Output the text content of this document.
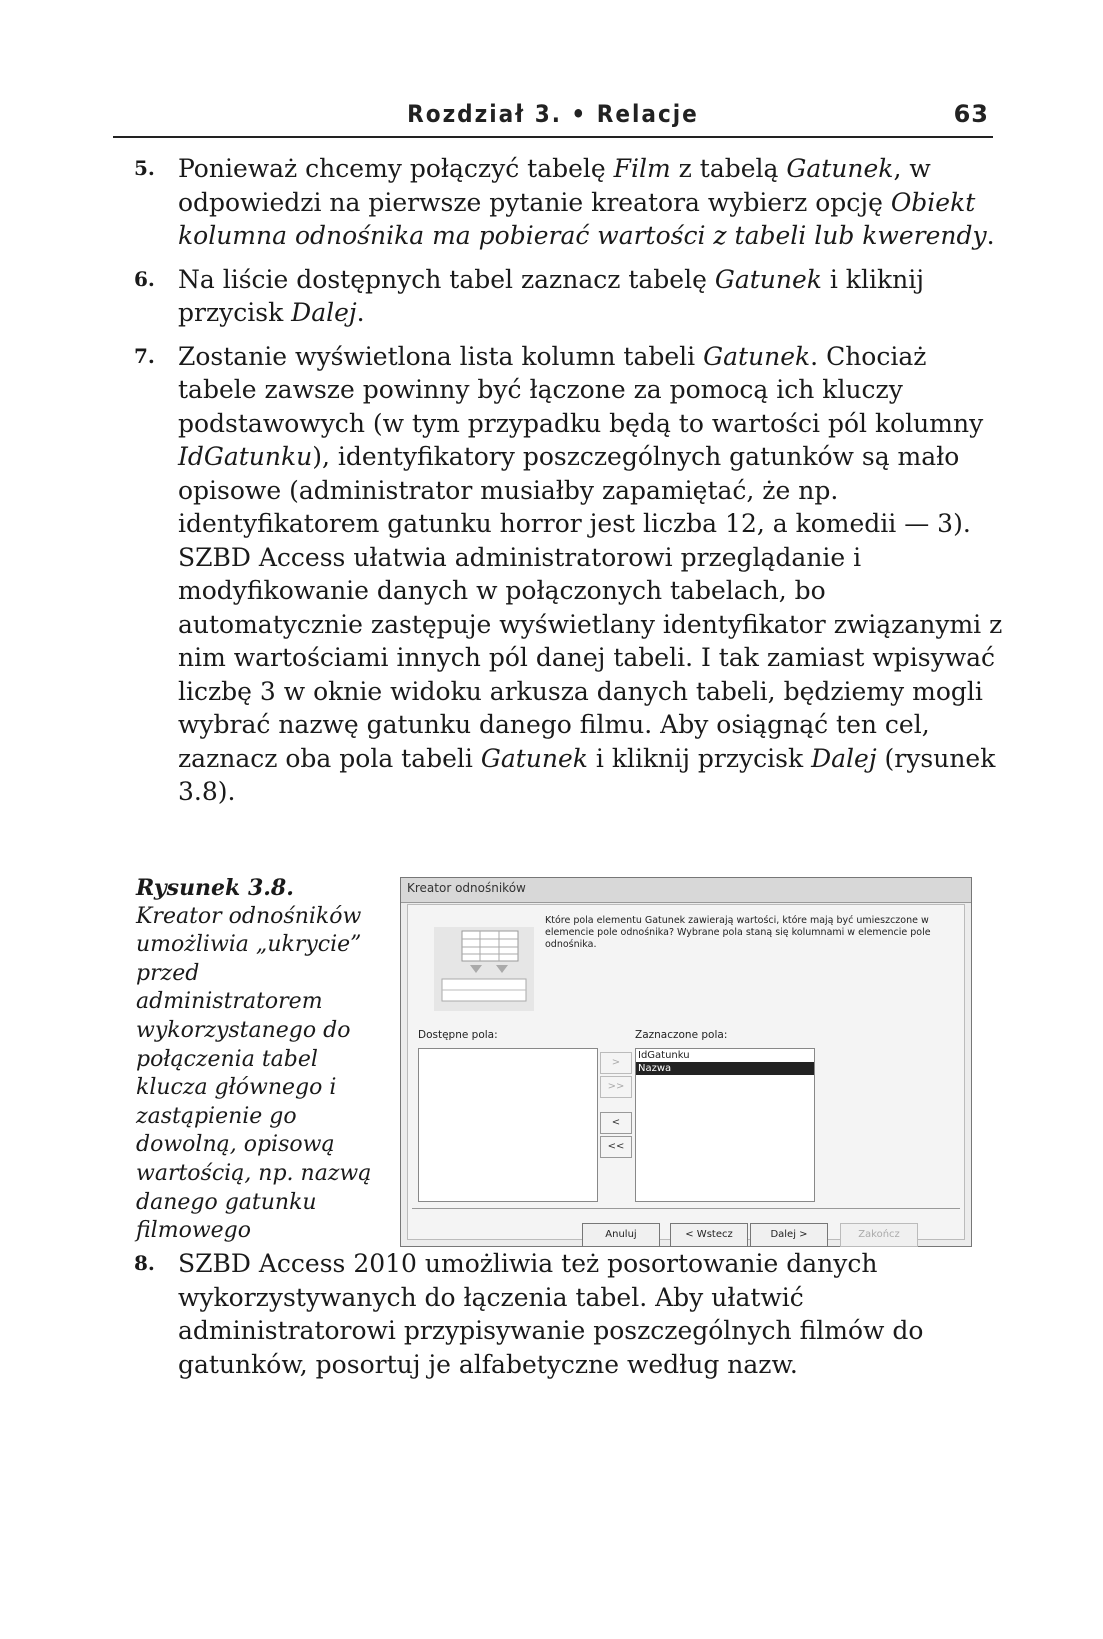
Rozdział 3. • Relacje	63
5. Ponieważ chcemy połączyć tabelę Film z tabelą Gatunek, w odpowiedzi na pierwsze pytanie kreatora wybierz opcję Obiekt kolumna odnośnika ma pobierać wartości z tabeli lub kwerendy.
6. Na liście dostępnych tabel zaznacz tabelę Gatunek i kliknij przycisk Dalej.
7. Zostanie wyświetlona lista kolumn tabeli Gatunek. Chociaż tabele zawsze powinny być łączone za pomocą ich kluczy podstawowych (w tym przypadku będą to wartości pól kolumny IdGatunku), identyfikatory poszczególnych gatunków są mało opisowe (administrator musiałby zapamiętać, że np. identyfikatorem gatunku horror jest liczba 12, a komedii — 3). SZBD Access ułatwia administratorowi przeglądanie i modyfikowanie danych w połączonych tabelach, bo automatycznie zastępuje wyświetlany identyfikator związanymi z nim wartościami innych pól danej tabeli. I tak zamiast wpisywać liczbę 3 w oknie widoku arkusza danych tabeli, będziemy mogli wybrać nazwę gatunku danego filmu. Aby osiągnąć ten cel, zaznacz oba pola tabeli Gatunek i kliknij przycisk Dalej (rysunek 3.8).
Rysunek 3.8.
Kreator odnośników umożliwia „ukrycie” przed administratorem wykorzystanego do połączenia tabel klucza głównego i zastąpienie go dowolną, opisową wartością, np. nazwą danego gatunku filmowego
Kreator odnośników
Które pola elementu Gatunek zawierają wartości, które mają być umieszczone w elemencie pole odnośnika? Wybrane pola staną się kolumnami w elemencie pole odnośnika.
Dostępne pola:
>
>>
<
<<
Zaznaczone pola:
IdGatunku
Nazwa
Anuluj	< Wstecz	Dalej >	Zakończ
8. SZBD Access 2010 umożliwia też posortowanie danych wykorzystywanych do łączenia tabel. Aby ułatwić administratorowi przypisywanie poszczególnych filmów do gatunków, posortuj je alfabetyczne według nazw.
